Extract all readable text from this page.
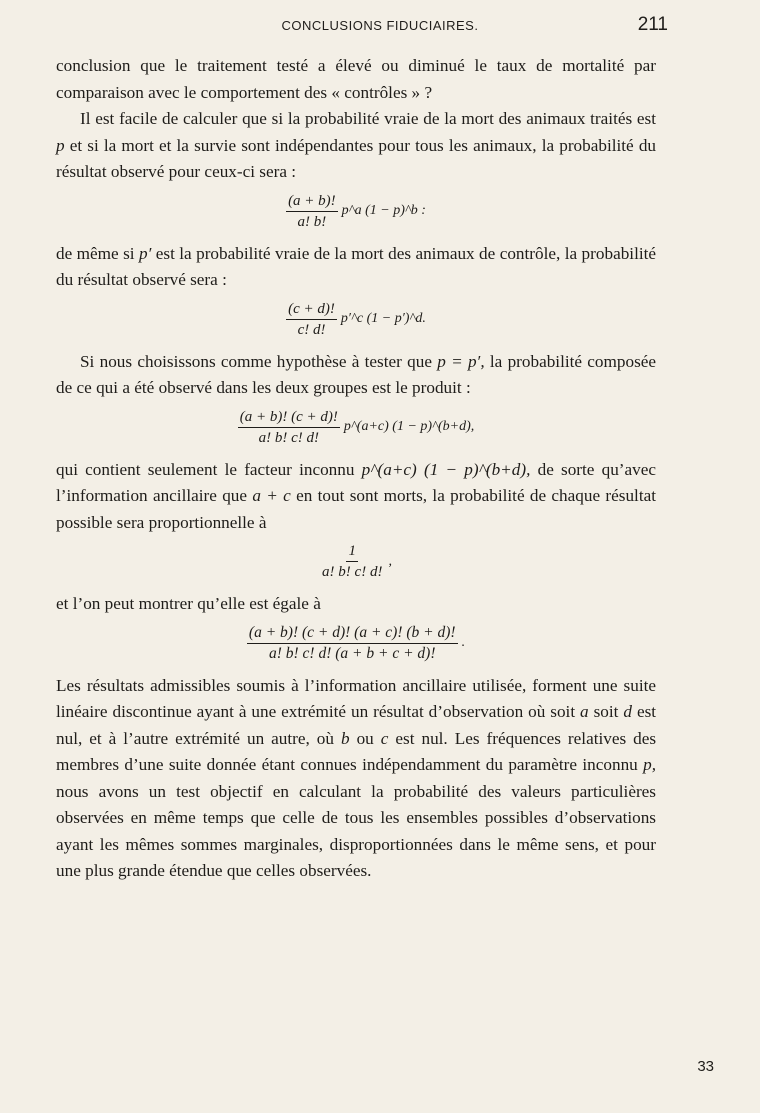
CONCLUSIONS FIDUCIAIRES.	211

conclusion que le traitement testé a élevé ou diminué le taux de mortalité par comparaison avec le comportement des « contrôles » ?

Il est facile de calculer que si la probabilité vraie de la mort des animaux traités est p et si la mort et la survie sont indépendantes pour tous les animaux, la probabilité du résultat observé pour ceux-ci sera :

$\frac{(a + b)!}{a! b!}$ p^a (1 − p)^b :

de même si p′ est la probabilité vraie de la mort des animaux de contrôle, la probabilité du résultat observé sera :

$\frac{(c + d)!}{c! d!}$ p′^c (1 − p′)^d.

Si nous choisissons comme hypothèse à tester que p = p′, la probabilité composée de ce qui a été observé dans les deux groupes est le produit :

$\frac{(a + b)! (c + d)!}{a! b! c! d!}$ p^(a+c) (1 − p)^(b+d),

qui contient seulement le facteur inconnu p^(a+c) (1 − p)^(b+d), de sorte qu’avec l’information ancillaire que a + c en tout sont morts, la probabilité de chaque résultat possible sera proportionnelle à

$\frac{1}{a! b! c! d!}$ ,

et l’on peut montrer qu’elle est égale à

$\frac{(a + b)! (c + d)! (a + c)! (b + d)!}{a! b! c! d! (a + b + c + d)!}$ .

Les résultats admissibles soumis à l’information ancillaire utilisée, forment une suite linéaire discontinue ayant à une extrémité un résultat d’observation où soit a soit d est nul, et à l’autre extrémité un autre, où b ou c est nul. Les fréquences relatives des membres d’une suite donnée étant connues indépendamment du paramètre inconnu p, nous avons un test objectif en calculant la probabilité des valeurs particulières observées en même temps que celle de tous les ensembles possibles d’observations ayant les mêmes sommes marginales, disproportionnées dans le même sens, et pour une plus grande étendue que celles observées.

33
